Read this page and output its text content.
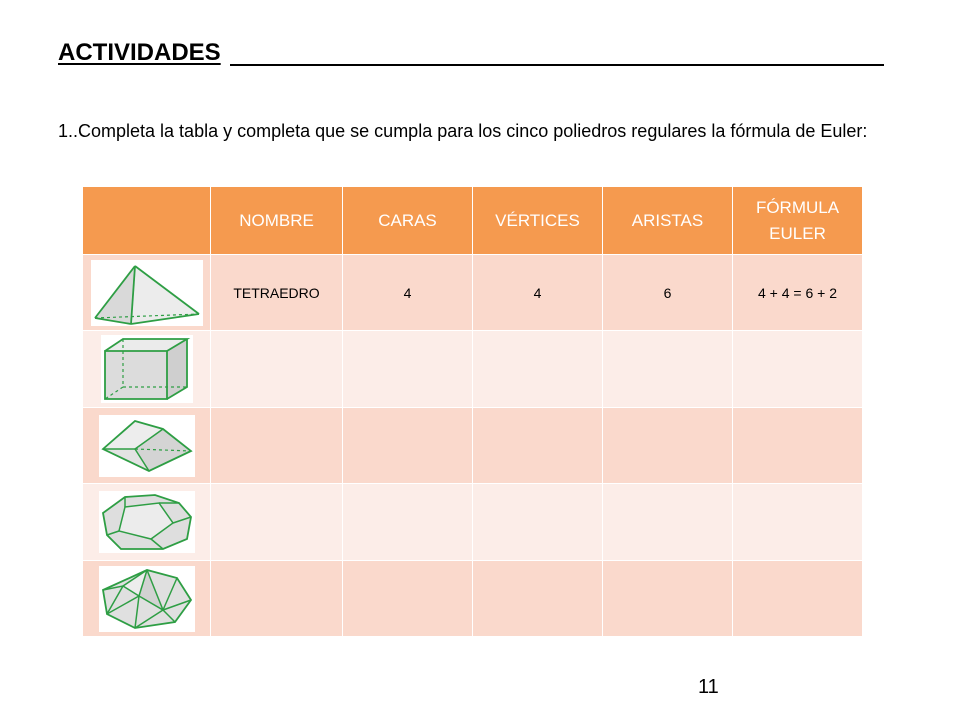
ACTIVIDADES

1..Completa la tabla y completa que se cumpla para los cinco poliedros regulares la fórmula de Euler:

	NOMBRE	CARAS	VÉRTICES	ARISTAS	FÓRMULA EULER

	TETRAEDRO	4	4	6	4 + 4 = 6 + 2

11
